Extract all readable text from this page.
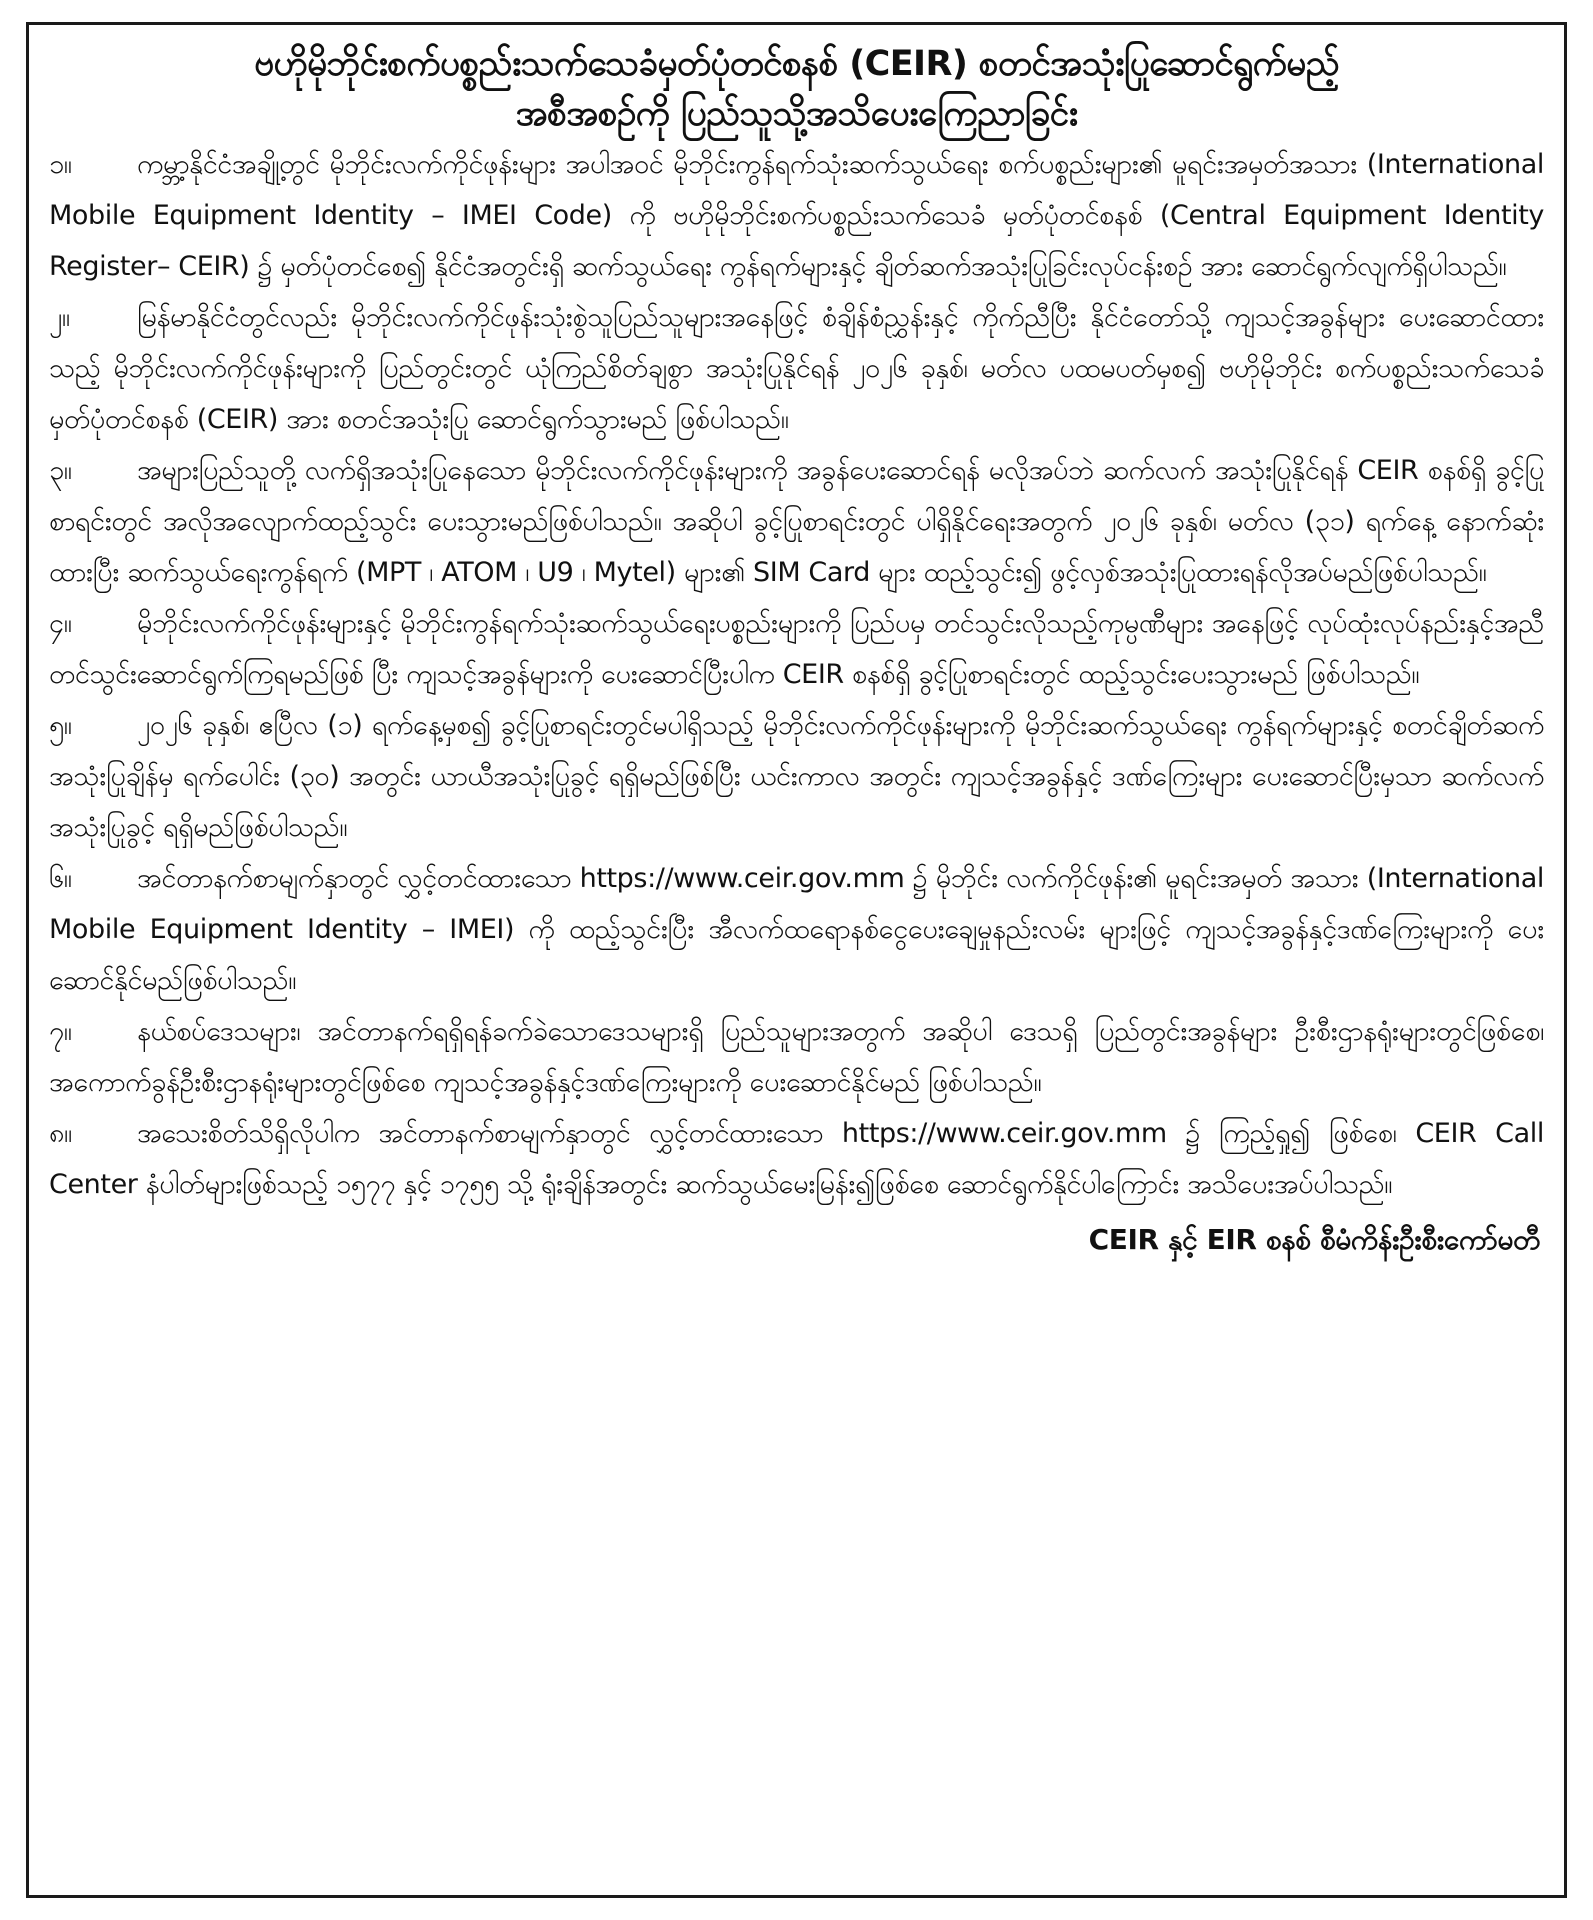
ဗဟိုမိုဘိုင်းစက်ပစ္စည်းသက်သေခံမှတ်ပုံတင်စနစ် (CEIR) စတင်အသုံးပြုဆောင်ရွက်မည့်
အစီအစဉ်ကို ပြည်သူသို့အသိပေးကြေညာခြင်း

၁။ ကမ္ဘာ့နိုင်ငံအချို့တွင် မိုဘိုင်းလက်ကိုင်ဖုန်းများ အပါအဝင် မိုဘိုင်းကွန်ရက်သုံးဆက်သွယ်ရေး စက်ပစ္စည်းများ၏ မူရင်းအမှတ်အသား (International Mobile Equipment Identity – IMEI Code) ကို ဗဟိုမိုဘိုင်းစက်ပစ္စည်းသက်သေခံ မှတ်ပုံတင်စနစ် (Central Equipment Identity Register– CEIR) ၌ မှတ်ပုံတင်စေ၍ နိုင်ငံအတွင်းရှိ ဆက်သွယ်ရေး ကွန်ရက်များနှင့် ချိတ်ဆက်အသုံးပြုခြင်းလုပ်ငန်းစဉ် အား ဆောင်ရွက်လျက်ရှိပါသည်။

၂။ မြန်မာနိုင်ငံတွင်လည်း မိုဘိုင်းလက်ကိုင်ဖုန်းသုံးစွဲသူပြည်သူများအနေဖြင့် စံချိန်စံညွှန်းနှင့် ကိုက်ညီပြီး နိုင်ငံတော်သို့ ကျသင့်အခွန်များ ပေးဆောင်ထားသည့် မိုဘိုင်းလက်ကိုင်ဖုန်းများကို ပြည်တွင်းတွင် ယုံကြည်စိတ်ချစွာ အသုံးပြုနိုင်ရန် ၂၀၂၆ ခုနှစ်၊ မတ်လ ပထမပတ်မှစ၍ ဗဟိုမိုဘိုင်း စက်ပစ္စည်းသက်သေခံမှတ်ပုံတင်စနစ် (CEIR) အား စတင်အသုံးပြု ဆောင်ရွက်သွားမည် ဖြစ်ပါသည်။

၃။ အများပြည်သူတို့ လက်ရှိအသုံးပြုနေသော မိုဘိုင်းလက်ကိုင်ဖုန်းများကို အခွန်ပေးဆောင်ရန် မလိုအပ်ဘဲ ဆက်လက် အသုံးပြုနိုင်ရန် CEIR စနစ်ရှိ ခွင့်ပြုစာရင်းတွင် အလိုအလျောက်ထည့်သွင်း ပေးသွားမည်ဖြစ်ပါသည်။ အဆိုပါ ခွင့်ပြုစာရင်းတွင် ပါရှိနိုင်ရေးအတွက် ၂၀၂၆ ခုနှစ်၊ မတ်လ (၃၁) ရက်နေ့ နောက်ဆုံးထားပြီး ဆက်သွယ်ရေးကွန်ရက် (MPT ၊ ATOM ၊ U9 ၊ Mytel) များ၏ SIM Card များ ထည့်သွင်း၍ ဖွင့်လှစ်အသုံးပြုထားရန်လိုအပ်မည်ဖြစ်ပါသည်။

၄။ မိုဘိုင်းလက်ကိုင်ဖုန်းများနှင့် မိုဘိုင်းကွန်ရက်သုံးဆက်သွယ်ရေးပစ္စည်းများကို ပြည်ပမှ တင်သွင်းလိုသည့်ကုမ္ပဏီများ အနေဖြင့် လုပ်ထုံးလုပ်နည်းနှင့်အညီ တင်သွင်းဆောင်ရွက်ကြရမည်ဖြစ် ပြီး ကျသင့်အခွန်များကို ပေးဆောင်ပြီးပါက CEIR စနစ်ရှိ ခွင့်ပြုစာရင်းတွင် ထည့်သွင်းပေးသွားမည် ဖြစ်ပါသည်။

၅။ ၂၀၂၆ ခုနှစ်၊ ဧပြီလ (၁) ရက်နေ့မှစ၍ ခွင့်ပြုစာရင်းတွင်မပါရှိသည့် မိုဘိုင်းလက်ကိုင်ဖုန်းများကို မိုဘိုင်းဆက်သွယ်ရေး ကွန်ရက်များနှင့် စတင်ချိတ်ဆက်အသုံးပြုချိန်မှ ရက်ပေါင်း (၃၀) အတွင်း ယာယီအသုံးပြုခွင့် ရရှိမည်ဖြစ်ပြီး ယင်းကာလ အတွင်း ကျသင့်အခွန်နှင့် ဒဏ်ကြေးများ ပေးဆောင်ပြီးမှသာ ဆက်လက်အသုံးပြုခွင့် ရရှိမည်ဖြစ်ပါသည်။

၆။ အင်တာနက်စာမျက်နှာတွင် လွှင့်တင်ထားသော https://www.ceir.gov.mm ၌ မိုဘိုင်း လက်ကိုင်ဖုန်း၏ မူရင်းအမှတ် အသား (International Mobile Equipment Identity – IMEI) ကို ထည့်သွင်းပြီး အီလက်ထရောနစ်ငွေပေးချေမှုနည်းလမ်း များဖြင့် ကျသင့်အခွန်နှင့်ဒဏ်ကြေးများကို ပေးဆောင်နိုင်မည်ဖြစ်ပါသည်။

၇။ နယ်စပ်ဒေသများ၊ အင်တာနက်ရရှိရန်ခက်ခဲသောဒေသများရှိ ပြည်သူများအတွက် အဆိုပါ ဒေသရှိ ပြည်တွင်းအခွန်များ ဦးစီးဌာနရုံးများတွင်ဖြစ်စေ၊ အကောက်ခွန်ဦးစီးဌာနရုံးများတွင်ဖြစ်စေ ကျသင့်အခွန်နှင့်ဒဏ်ကြေးများကို ပေးဆောင်နိုင်မည် ဖြစ်ပါသည်။

၈။ အသေးစိတ်သိရှိလိုပါက အင်တာနက်စာမျက်နှာတွင် လွှင့်တင်ထားသော https://www.ceir.gov.mm ၌ ကြည့်ရှု၍ ဖြစ်စေ၊ CEIR Call Center နံပါတ်များဖြစ်သည့် ၁၅၇၇ နှင့် ၁၇၅၅ သို့ ရုံးချိန်အတွင်း ဆက်သွယ်မေးမြန်း၍ဖြစ်စေ ဆောင်ရွက်နိုင်ပါကြောင်း အသိပေးအပ်ပါသည်။

CEIR နှင့် EIR စနစ် စီမံကိန်းဦးစီးကော်မတီ
